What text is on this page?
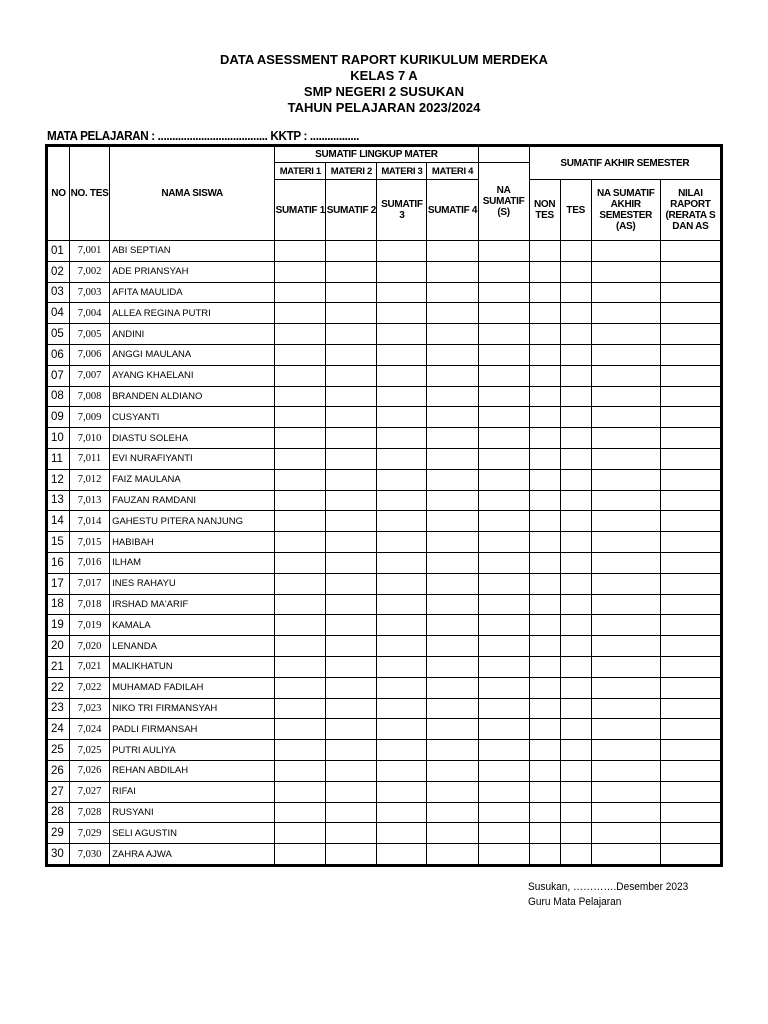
DATA ASESSMENT RAPORT KURIKULUM MERDEKA
KELAS 7 A
SMP NEGERI 2 SUSUKAN
TAHUN PELAJARAN 2023/2024
MATA PELAJARAN : ...................................... KKTP : .................
NO	NO. TES	NAMA SISWA	SUMATIF LINGKUP MATER					SUMATIF AKHIR SEMESTER			
			MATERI 1	MATERI 2	MATERI 3	MATERI 4	NA SUMATIF (S)				
			SUMATIF 1	SUMATIF 2	SUMATIF 3	SUMATIF 4		NON TES	TES	NA SUMATIF AKHIR SEMESTER (AS)	NILAI RAPORT (RERATA S DAN AS
01	7,001	ABI SEPTIAN									
02	7,002	ADE PRIANSYAH									
03	7,003	AFITA MAULIDA									
04	7,004	ALLEA REGINA PUTRI									
05	7,005	ANDINI									
06	7,006	ANGGI MAULANA									
07	7,007	AYANG KHAELANI									
08	7,008	BRANDEN ALDIANO									
09	7,009	CUSYANTI									
10	7,010	DIASTU SOLEHA									
11	7,011	EVI NURAFIYANTI									
12	7,012	FAIZ MAULANA									
13	7,013	FAUZAN RAMDANI									
14	7,014	GAHESTU PITERA NANJUNG									
15	7,015	HABIBAH									
16	7,016	ILHAM									
17	7,017	INES RAHAYU									
18	7,018	IRSHAD MA'ARIF									
19	7,019	KAMALA									
20	7,020	LENANDA									
21	7,021	MALIKHATUN									
22	7,022	MUHAMAD FADILAH									
23	7,023	NIKO TRI FIRMANSYAH									
24	7,024	PADLI FIRMANSAH									
25	7,025	PUTRI AULIYA									
26	7,026	REHAN ABDILAH									
27	7,027	RIFAI									
28	7,028	RUSYANI									
29	7,029	SELI AGUSTIN									
30	7,030	ZAHRA AJWA									
Susukan, ………….Desember 2023
Guru Mata Pelajaran
